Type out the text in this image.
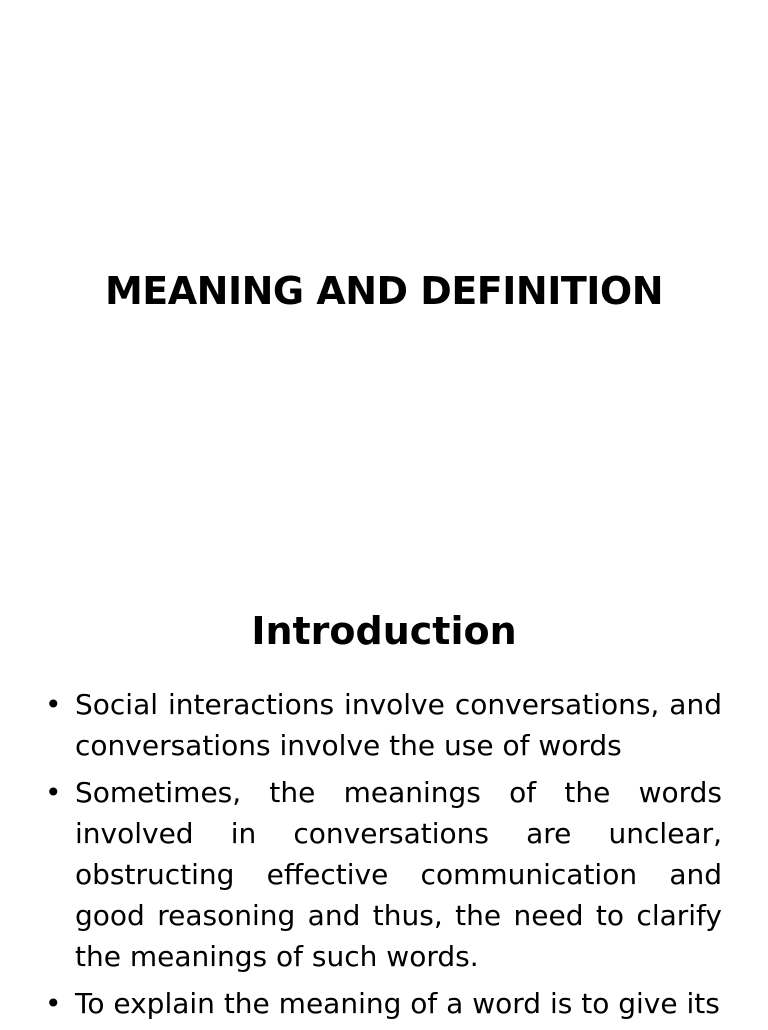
MEANING AND DEFINITION
Introduction
• Social interactions involve conversations, and conversations involve the use of words
• Sometimes, the meanings of the words involved in conversations are unclear, obstructing effective communication and good reasoning and thus, the need to clarify the meanings of such words.
• To explain the meaning of a word is to give its
